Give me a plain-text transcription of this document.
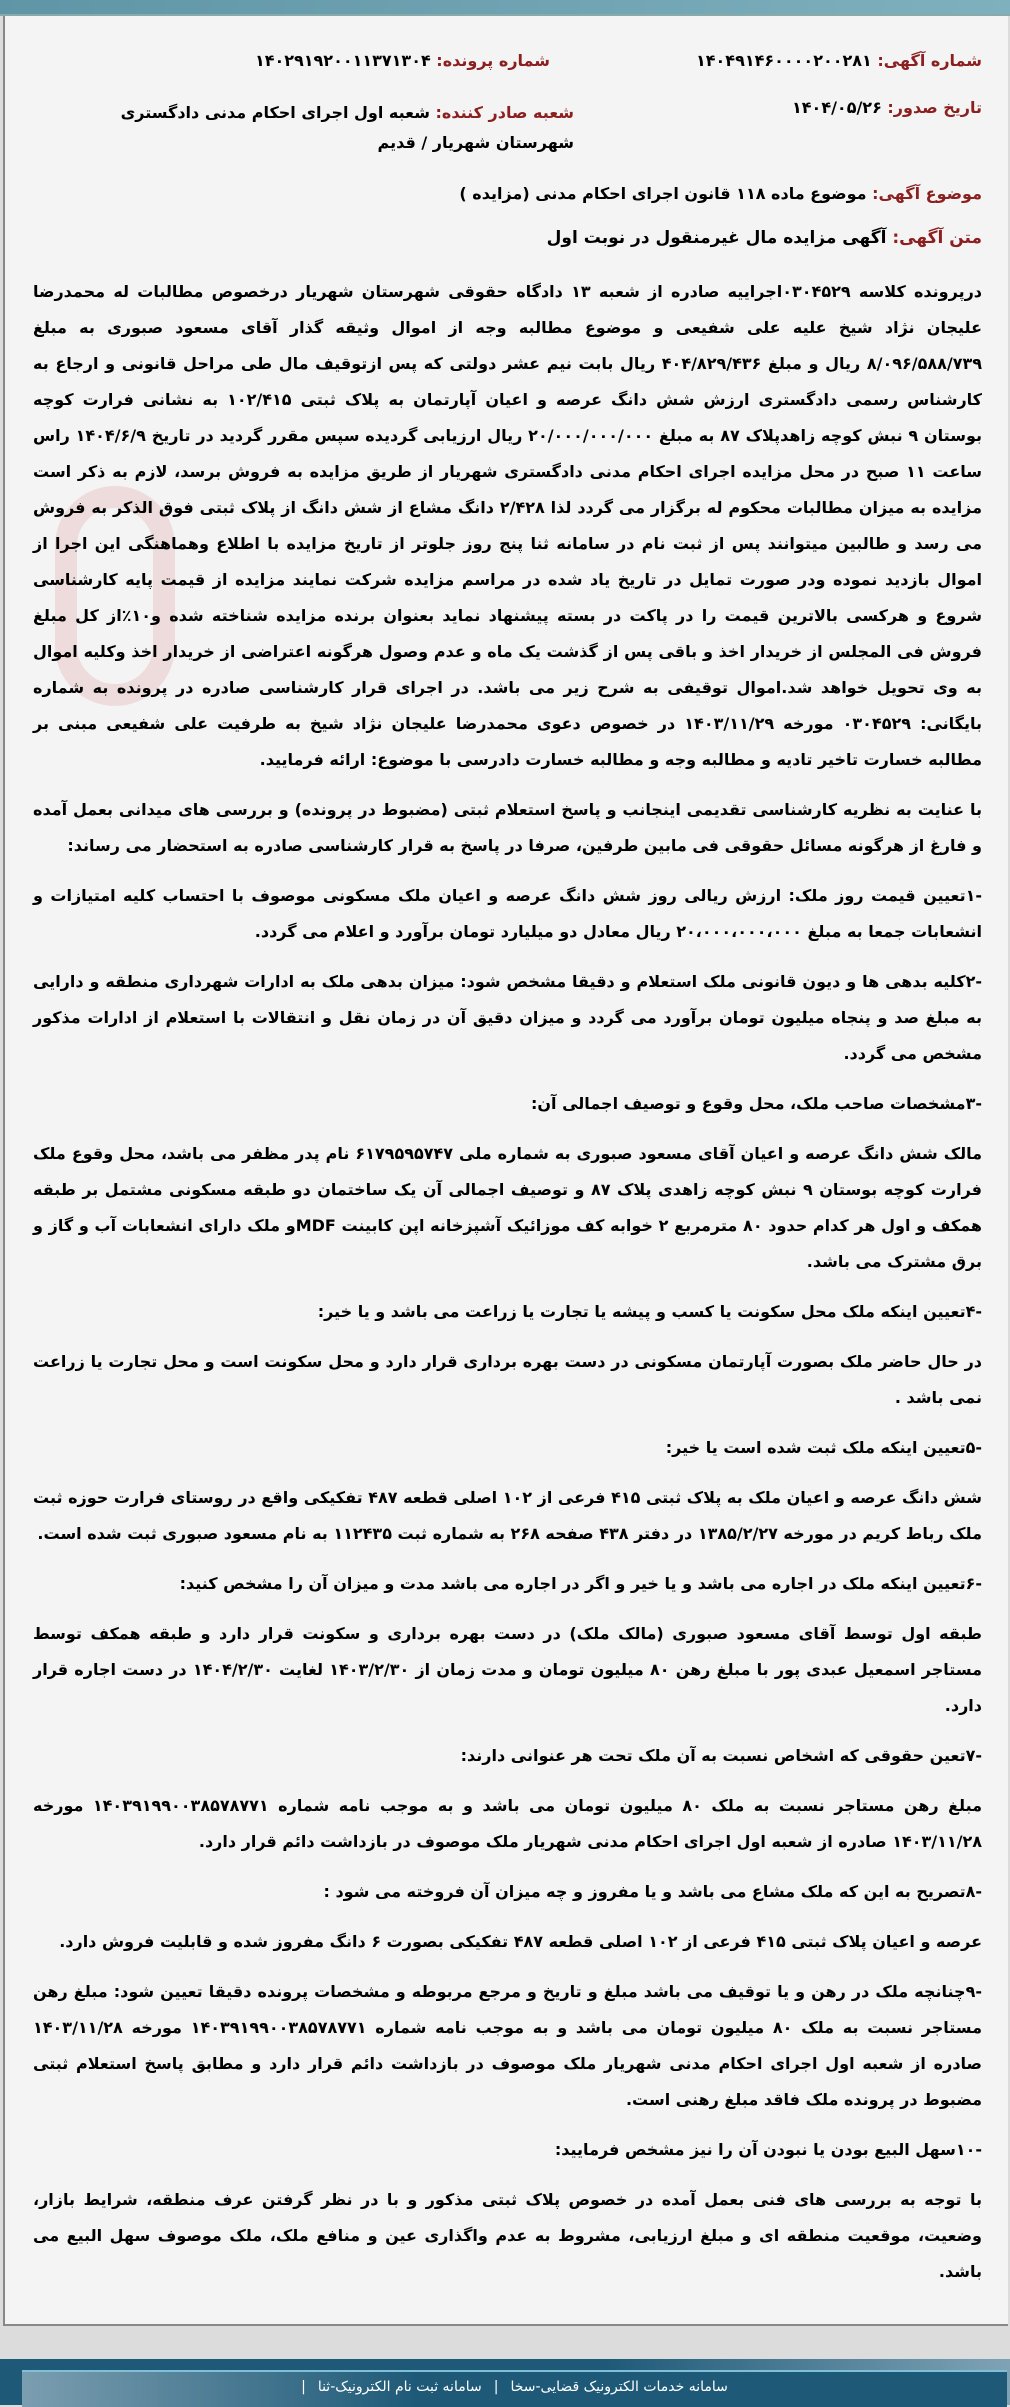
شماره آگهی: ۱۴۰۴۹۱۴۶۰۰۰۰۲۰۰۲۸۱
شماره پرونده: ۱۴۰۲۹۱۹۲۰۰۱۱۳۷۱۳۰۴
تاریخ صدور: ۱۴۰۴/۰۵/۲۶
شعبه صادر کننده: شعبه اول اجرای احکام مدنی دادگستری شهرستان شهریار / قدیم
موضوع آگهی: موضوع ماده ۱۱۸ قانون اجرای احکام مدنی (مزایده )
متن آگهی: آگهی مزایده مال غیرمنقول در نوبت اول

درپرونده کلاسه ۰۳۰۴۵۲۹اجراییه صادره از شعبه ۱۳ دادگاه حقوقی شهرستان شهریار درخصوص مطالبات له محمدرضا علیجان نژاد شیخ علیه علی شفیعی و موضوع مطالبه وجه از اموال وثیقه گذار آقای مسعود صبوری به مبلغ ۸/۰۹۶/۵۸۸/۷۳۹ ریال و مبلغ ۴۰۴/۸۲۹/۴۳۶ ریال بابت نیم عشر دولتی که پس ازتوقیف مال طی مراحل قانونی و ارجاع به کارشناس رسمی دادگستری ارزش شش دانگ عرصه و اعیان آپارتمان به پلاک ثبتی ۱۰۲/۴۱۵ به نشانی فرارت کوچه بوستان ۹ نبش کوچه زاهدپلاک ۸۷ به مبلغ ۲۰/۰۰۰/۰۰۰/۰۰۰ ریال ارزیابی گردیده سپس مقرر گردید در تاریخ ۱۴۰۴/۶/۹ راس ساعت ۱۱ صبح در محل مزایده اجرای احکام مدنی دادگستری شهریار از طریق مزایده به فروش برسد، لازم به ذکر است مزایده به میزان مطالبات محکوم له برگزار می گردد لذا ۲/۴۲۸ دانگ مشاع از شش دانگ از پلاک ثبتی فوق الذکر به فروش می رسد و طالبین میتوانند پس از ثبت نام در سامانه ثنا پنج روز جلوتر از تاریخ مزایده با اطلاع وهماهنگی این اجرا از اموال بازدید نموده ودر صورت تمایل در تاریخ یاد شده در مراسم مزایده شرکت نمایند مزایده از قیمت پایه کارشناسی شروع و هرکسی بالاترین قیمت را در پاکت در بسته پیشنهاد نماید بعنوان برنده مزایده شناخته شده و۱۰٪از کل مبلغ فروش فی المجلس از خریدار اخذ و باقی پس از گذشت یک ماه و عدم وصول هرگونه اعتراضی از خریدار اخذ وکلیه اموال به وی تحویل خواهد شد.اموال توقیفی به شرح زیر می باشد. در اجرای قرار کارشناسی صادره در پرونده به شماره بایگانی: ۰۳۰۴۵۲۹ مورخه ۱۴۰۳/۱۱/۲۹ در خصوص دعوی محمدرضا علیجان نژاد شیخ به طرفیت علی شفیعی مبنی بر مطالبه خسارت تاخیر تادیه و مطالبه وجه و مطالبه خسارت دادرسی با موضوع: ارائه فرمایید.

با عنایت به نظریه کارشناسی تقدیمی اینجانب و پاسخ استعلام ثبتی (مضبوط در پرونده) و بررسی های میدانی بعمل آمده و فارغ از هرگونه مسائل حقوقی فی مابین طرفین، صرفا در پاسخ به قرار کارشناسی صادره به استحضار می رساند:

-۱تعیین قیمت روز ملک: ارزش ریالی روز شش دانگ عرصه و اعیان ملک مسکونی موصوف با احتساب کلیه امتیازات و انشعابات جمعا به مبلغ ۲۰،۰۰۰،۰۰۰،۰۰۰ ریال معادل دو میلیارد تومان برآورد و اعلام می گردد.

-۲کلیه بدهی ها و دیون قانونی ملک استعلام و دقیقا مشخص شود: میزان بدهی ملک به ادارات شهرداری منطقه و دارایی به مبلغ صد و پنجاه میلیون تومان برآورد می گردد و میزان دقیق آن در زمان نقل و انتقالات با استعلام از ادارات مذکور مشخص می گردد.

-۳مشخصات صاحب ملک، محل وقوع و توصیف اجمالی آن:

مالک شش دانگ عرصه و اعیان آقای مسعود صبوری به شماره ملی ۶۱۷۹۵۹۵۷۴۷ نام پدر مظفر می باشد، محل وقوع ملک فرارت کوچه بوستان ۹ نبش کوچه زاهدی پلاک ۸۷ و توصیف اجمالی آن یک ساختمان دو طبقه مسکونی مشتمل بر طبقه همکف و اول هر کدام حدود ۸۰ مترمربع ۲ خوابه کف موزائیک آشپزخانه اپن کابینت MDFو ملک دارای انشعابات آب و گاز و برق مشترک می باشد.

-۴تعیین اینکه ملک محل سکونت یا کسب و پیشه یا تجارت یا زراعت می باشد و یا خیر:

در حال حاضر ملک بصورت آپارتمان مسکونی در دست بهره برداری قرار دارد و محل سکونت است و محل تجارت یا زراعت نمی باشد .

-۵تعیین اینکه ملک ثبت شده است یا خیر:

شش دانگ عرصه و اعیان ملک به پلاک ثبتی ۴۱۵ فرعی از ۱۰۲ اصلی قطعه ۴۸۷ تفکیکی واقع در روستای فرارت حوزه ثبت ملک رباط کریم در مورخه ۱۳۸۵/۲/۲۷ در دفتر ۴۳۸ صفحه ۲۶۸ به شماره ثبت ۱۱۲۴۳۵ به نام مسعود صبوری ثبت شده است.

-۶تعیین اینکه ملک در اجاره می باشد و یا خیر و اگر در اجاره می باشد مدت و میزان آن را مشخص کنید:

طبقه اول توسط آقای مسعود صبوری (مالک ملک) در دست بهره برداری و سکونت قرار دارد و طبقه همکف توسط مستاجر اسمعیل عبدی پور با مبلغ رهن ۸۰ میلیون تومان و مدت زمان از ۱۴۰۳/۲/۳۰ لغایت ۱۴۰۴/۲/۳۰ در دست اجاره قرار دارد.

-۷تعین حقوقی که اشخاص نسبت به آن ملک تحت هر عنوانی دارند:

مبلغ رهن مستاجر نسبت به ملک ۸۰ میلیون تومان می باشد و به موجب نامه شماره ۱۴۰۳۹۱۹۹۰۰۳۸۵۷۸۷۷۱ مورخه ۱۴۰۳/۱۱/۲۸ صادره از شعبه اول اجرای احکام مدنی شهریار ملک موصوف در بازداشت دائم قرار دارد.

-۸تصریح به این که ملک مشاع می باشد و یا مفروز و چه میزان آن فروخته می شود :

عرصه و اعیان پلاک ثبتی ۴۱۵ فرعی از ۱۰۲ اصلی قطعه ۴۸۷ تفکیکی بصورت ۶ دانگ مفروز شده و قابلیت فروش دارد.

-۹چنانچه ملک در رهن و یا توقیف می باشد مبلغ و تاریخ و مرجع مربوطه و مشخصات پرونده دقیقا تعیین شود: مبلغ رهن مستاجر نسبت به ملک ۸۰ میلیون تومان می باشد و به موجب نامه شماره ۱۴۰۳۹۱۹۹۰۰۳۸۵۷۸۷۷۱ مورخه ۱۴۰۳/۱۱/۲۸ صادره از شعبه اول اجرای احکام مدنی شهریار ملک موصوف در بازداشت دائم قرار دارد و مطابق پاسخ استعلام ثبتی مضبوط در پرونده ملک فاقد مبلغ رهنی است.

-۱۰سهل البیع بودن یا نبودن آن را نیز مشخص فرمایید:

با توجه به بررسی های فنی بعمل آمده در خصوص پلاک ثبتی مذکور و با در نظر گرفتن عرف منطقه، شرایط بازار، وضعیت، موقعیت منطقه ای و مبلغ ارزیابی، مشروط به عدم واگذاری عین و منافع ملک، ملک موصوف سهل البیع می باشد.

سامانه خدمات الکترونیک قضایی-سخا|سامانه ثبت نام الکترونیک-ثنا|
